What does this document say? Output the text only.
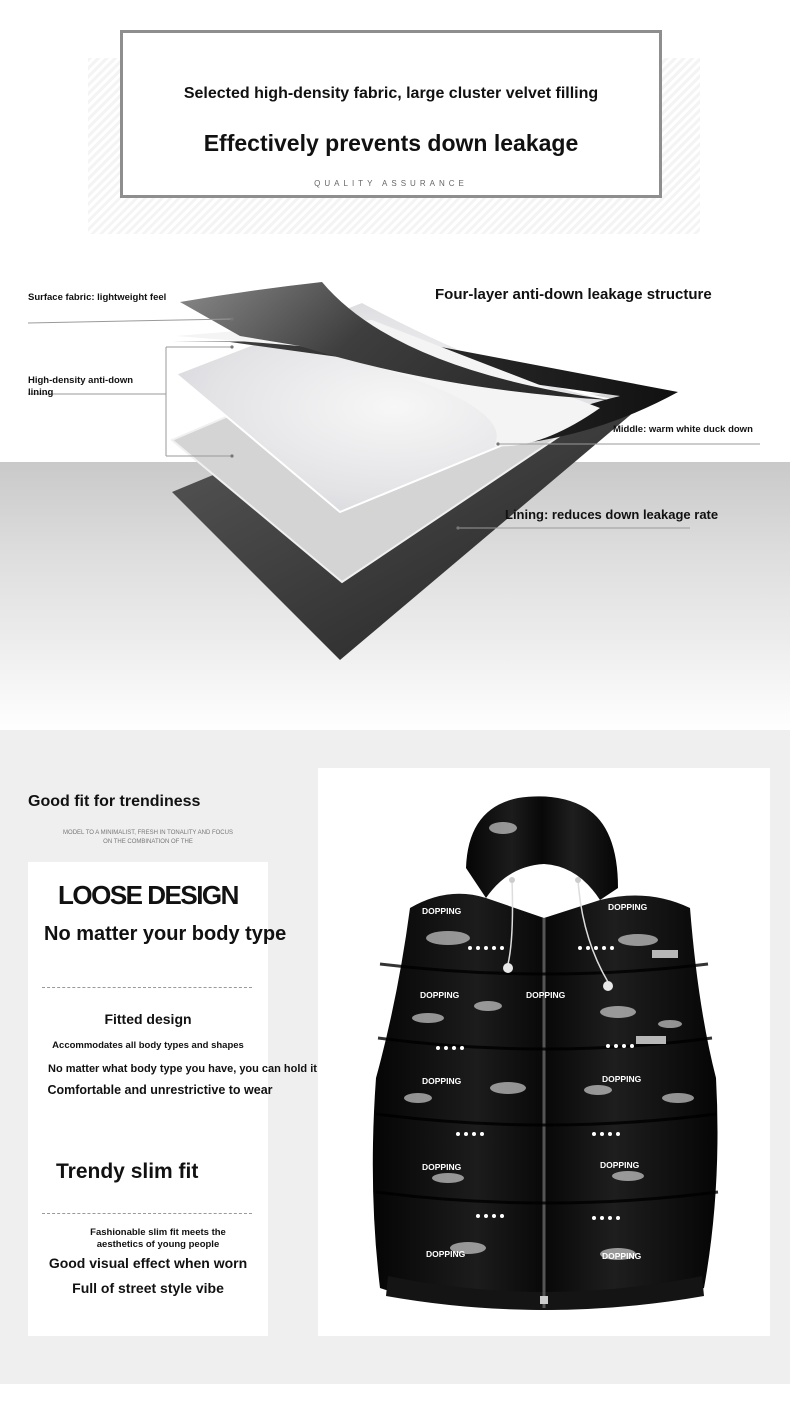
Selected high-density fabric, large cluster velvet filling
Effectively prevents down leakage
QUALITY ASSURANCE
Surface fabric: lightweight feel
High-density anti-down lining
Four-layer anti-down leakage structure
Middle: warm white duck down
Lining: reduces down leakage rate
Good fit for trendiness
MODEL TO A MINIMALIST, FRESH IN TONALITY AND FOCUS ON THE COMBINATION OF THE
LOOSE DESIGN
No matter your body type
Fitted design
Accommodates all body types and shapes
No matter what body type you have, you can hold it
Comfortable and unrestrictive to wear
Trendy slim fit
Fashionable slim fit meets the aesthetics of young people
Good visual effect when worn
Full of street style vibe
DOPPING	DOPPING
DOPPING	DOPPING
DOPPING	DOPPING
DOPPING	DOPPING
DOPPING	DOPPING
